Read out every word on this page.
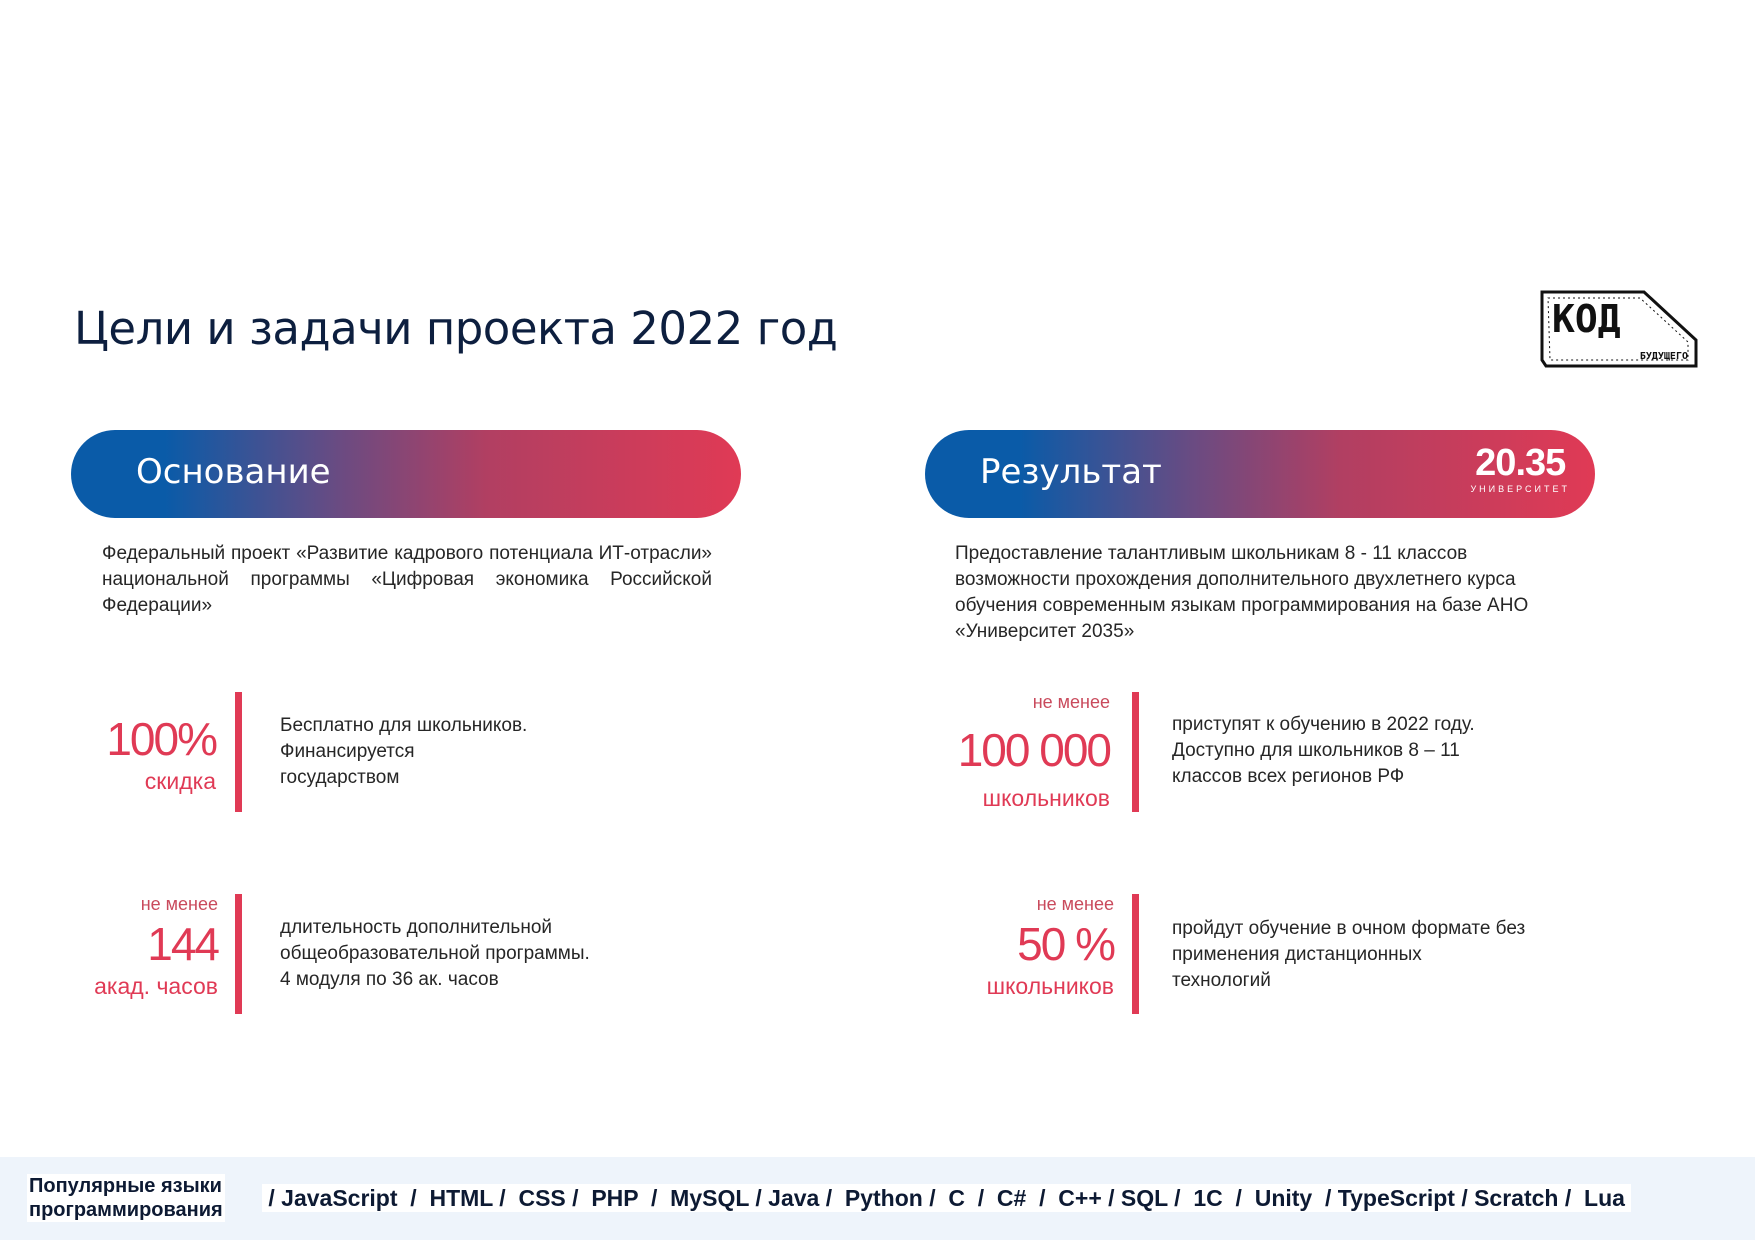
Цели и задачи проекта 2022 год	КОД
БУДУЩЕГО
Основание	Результат	20.35
УНИВЕРСИТЕТ
Федеральный проект «Развитие кадрового потенциала ИТ-отрасли» национальной программы «Цифровая экономика Российской Федерации»
Предоставление талантливым школьникам 8 - 11 классов возможности прохождения дополнительного двухлетнего курса обучения современным языкам программирования на базе АНО «Университет 2035»
100%
скидка
Бесплатно для школьников.
Финансируется
государством
не менее
144
акад. часов
длительность дополнительной
общеобразовательной программы.
4 модуля по 36 ак. часов
не менее
100 000
школьников
приступят к обучению в 2022 году.
Доступно для школьников 8 – 11
классов всех регионов РФ
не менее
50 %
школьников
пройдут обучение в очном формате без
применения дистанционных
технологий
Популярные языки
программирования / JavaScript  /  HTML /  CSS /  PHP  /  MySQL / Java /  Python /  C  /  C#  /  C++ / SQL /  1C  /  Unity  / TypeScript / Scratch /  Lua
